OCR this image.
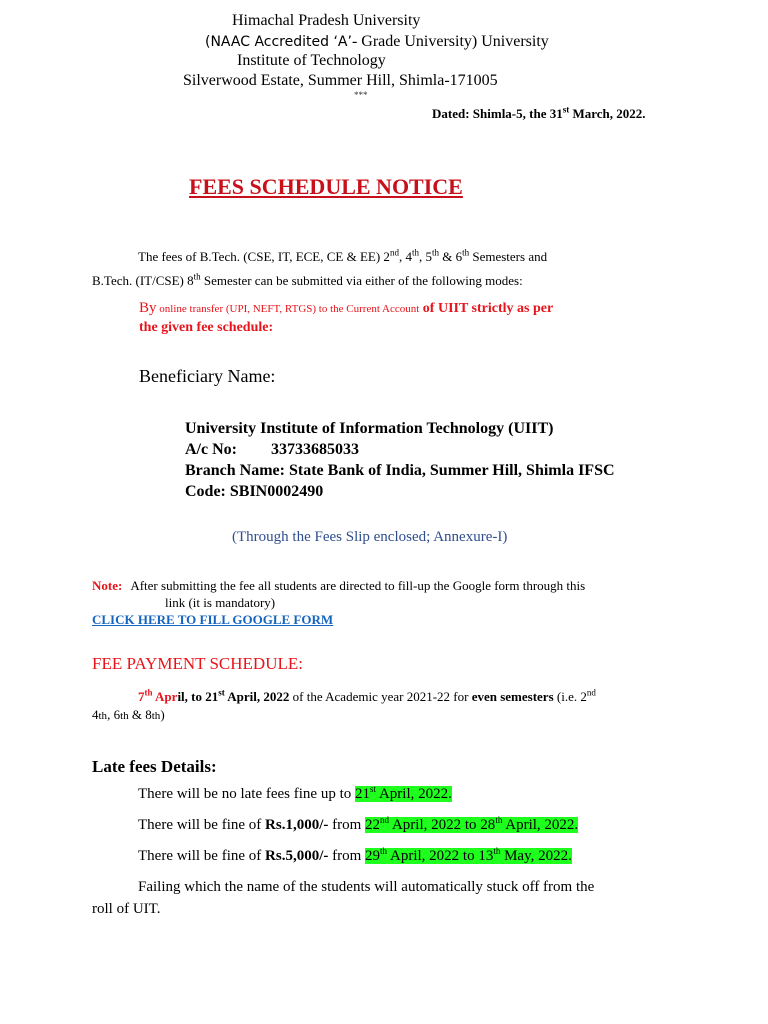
Himachal Pradesh University
(NAAC Accredited ‘A’- Grade University) University
Institute of Technology
Silverwood Estate, Summer Hill, Shimla-171005
***
Dated: Shimla-5, the 31st March, 2022.
FEES SCHEDULE NOTICE
The fees of B.Tech. (CSE, IT, ECE, CE & EE) 2nd, 4th, 5th & 6th Semesters and
B.Tech. (IT/CSE) 8th Semester can be submitted via either of the following modes:
By online transfer (UPI, NEFT, RTGS) to the Current Account of UIIT strictly as per
the given fee schedule:
Beneficiary Name:
University Institute of Information Technology (UIIT)
A/c No: 33733685033
Branch Name: State Bank of India, Summer Hill, Shimla IFSC
Code: SBIN0002490
(Through the Fees Slip enclosed; Annexure-I)
Note: After submitting the fee all students are directed to fill-up the Google form through this
link (it is mandatory)
CLICK HERE TO FILL GOOGLE FORM
FEE PAYMENT SCHEDULE:
7th April, to 21st April, 2022 of the Academic year 2021-22 for even semesters (i.e. 2nd
4th, 6th & 8th)
Late fees Details:
There will be no late fees fine up to 21st April, 2022.
There will be fine of Rs.1,000/- from 22nd April, 2022 to 28th April, 2022.
There will be fine of Rs.5,000/- from 29th April, 2022 to 13th May, 2022.
Failing which the name of the students will automatically stuck off from the
roll of UIT.
